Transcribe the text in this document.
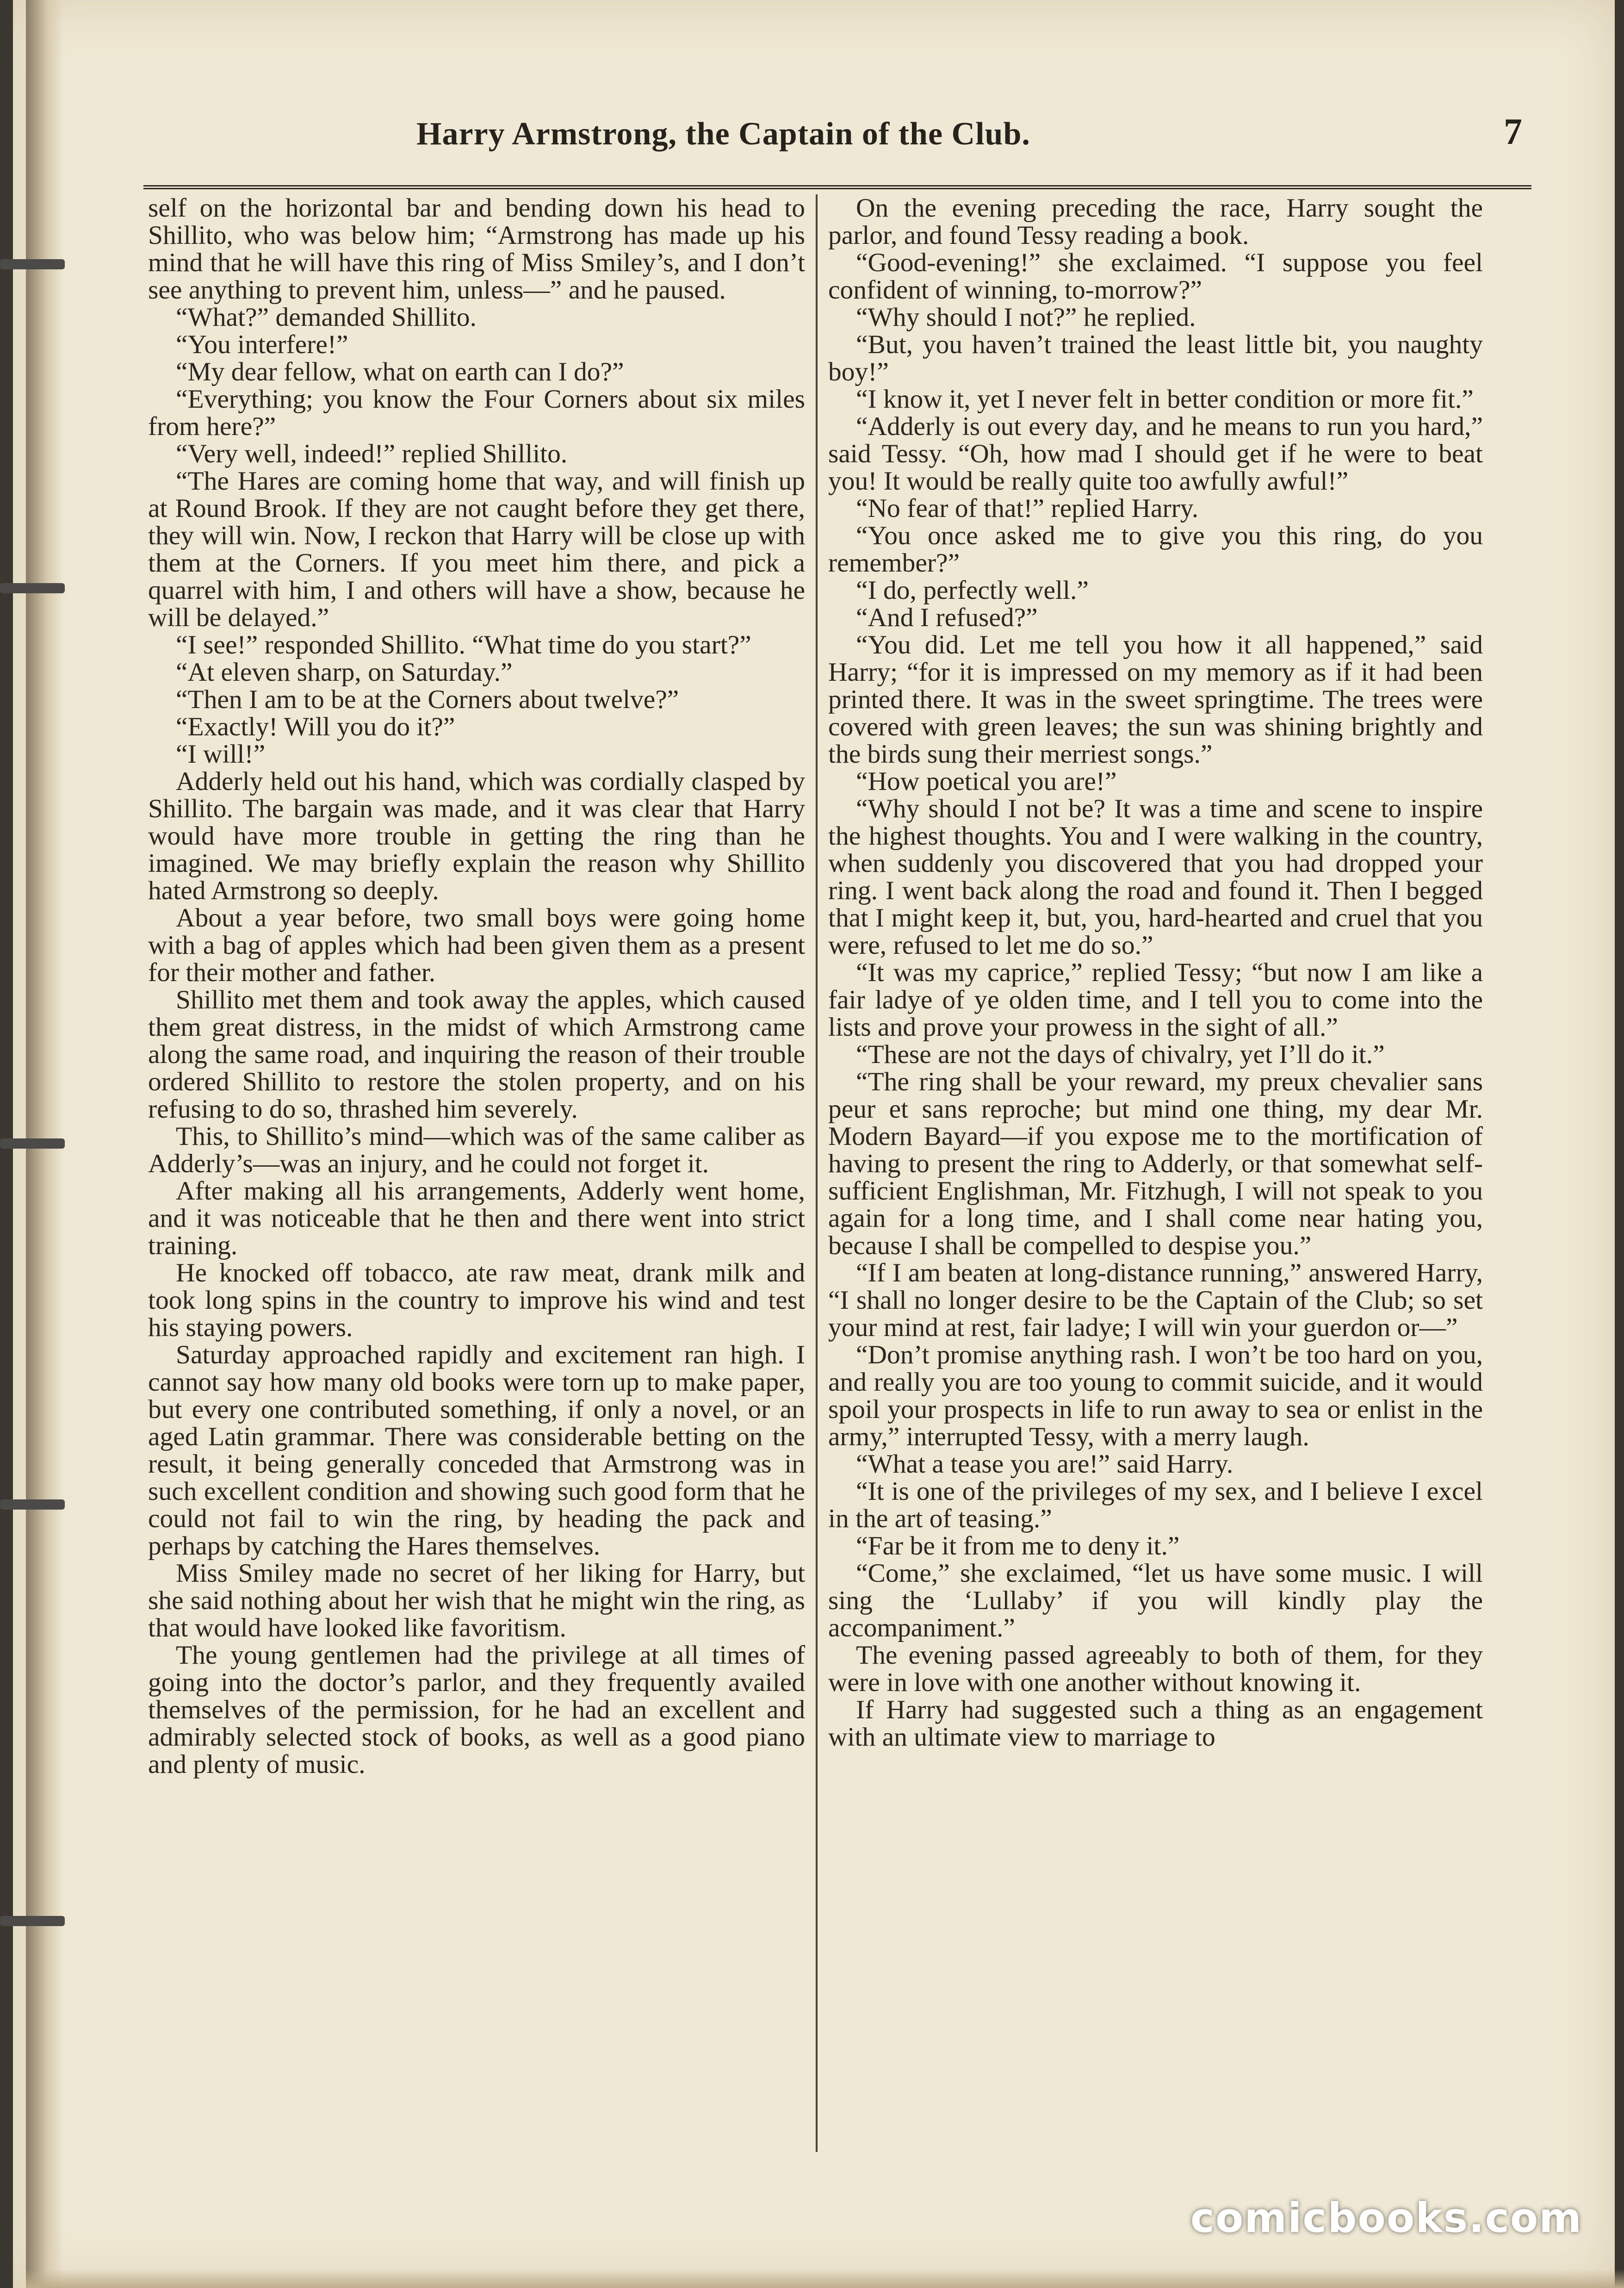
Harry Armstrong, the Captain of the Club.	7

self on the horizontal bar and bending down his head to Shillito, who was below him; “Armstrong has made up his mind that he will have this ring of Miss Smiley’s, and I don’t see anything to prevent him, unless—” and he paused.

“What?” demanded Shillito.

“You interfere!”

“My dear fellow, what on earth can I do?”

“Everything; you know the Four Corners about six miles from here?”

“Very well, indeed!” replied Shillito.

“The Hares are coming home that way, and will finish up at Round Brook. If they are not caught before they get there, they will win. Now, I reckon that Harry will be close up with them at the Corners. If you meet him there, and pick a quarrel with him, I and others will have a show, because he will be delayed.”

“I see!” responded Shillito. “What time do you start?”

“At eleven sharp, on Saturday.”

“Then I am to be at the Corners about twelve?”

“Exactly! Will you do it?”

“I will!”

Adderly held out his hand, which was cordially clasped by Shillito. The bargain was made, and it was clear that Harry would have more trouble in getting the ring than he imagined. We may briefly explain the reason why Shillito hated Armstrong so deeply.

About a year before, two small boys were going home with a bag of apples which had been given them as a present for their mother and father.

Shillito met them and took away the apples, which caused them great distress, in the midst of which Armstrong came along the same road, and inquiring the reason of their trouble ordered Shillito to restore the stolen property, and on his refusing to do so, thrashed him severely.

This, to Shillito’s mind—which was of the same caliber as Adderly’s—was an injury, and he could not forget it.

After making all his arrangements, Adderly went home, and it was noticeable that he then and there went into strict training.

He knocked off tobacco, ate raw meat, drank milk and took long spins in the country to improve his wind and test his staying powers.

Saturday approached rapidly and excitement ran high. I cannot say how many old books were torn up to make paper, but every one contributed something, if only a novel, or an aged Latin grammar. There was considerable betting on the result, it being generally conceded that Armstrong was in such excellent condition and showing such good form that he could not fail to win the ring, by heading the pack and perhaps by catching the Hares themselves.

Miss Smiley made no secret of her liking for Harry, but she said nothing about her wish that he might win the ring, as that would have looked like favoritism.

The young gentlemen had the privilege at all times of going into the doctor’s parlor, and they frequently availed themselves of the permission, for he had an excellent and admirably selected stock of books, as well as a good piano and plenty of music.

On the evening preceding the race, Harry sought the parlor, and found Tessy reading a book.

“Good-evening!” she exclaimed. “I suppose you feel confident of winning, to-morrow?”

“Why should I not?” he replied.

“But, you haven’t trained the least little bit, you naughty boy!”

“I know it, yet I never felt in better condition or more fit.”

“Adderly is out every day, and he means to run you hard,” said Tessy. “Oh, how mad I should get if he were to beat you! It would be really quite too awfully awful!”

“No fear of that!” replied Harry.

“You once asked me to give you this ring, do you remember?”

“I do, perfectly well.”

“And I refused?”

“You did. Let me tell you how it all happened,” said Harry; “for it is impressed on my memory as if it had been printed there. It was in the sweet springtime. The trees were covered with green leaves; the sun was shining brightly and the birds sung their merriest songs.”

“How poetical you are!”

“Why should I not be? It was a time and scene to inspire the highest thoughts. You and I were walking in the country, when suddenly you discovered that you had dropped your ring. I went back along the road and found it. Then I begged that I might keep it, but, you, hard-hearted and cruel that you were, refused to let me do so.”

“It was my caprice,” replied Tessy; “but now I am like a fair ladye of ye olden time, and I tell you to come into the lists and prove your prowess in the sight of all.”

“These are not the days of chivalry, yet I’ll do it.”

“The ring shall be your reward, my preux chevalier sans peur et sans reproche; but mind one thing, my dear Mr. Modern Bayard—if you expose me to the mortification of having to present the ring to Adderly, or that somewhat self-sufficient Englishman, Mr. Fitzhugh, I will not speak to you again for a long time, and I shall come near hating you, because I shall be compelled to despise you.”

“If I am beaten at long-distance running,” answered Harry, “I shall no longer desire to be the Captain of the Club; so set your mind at rest, fair ladye; I will win your guerdon or—”

“Don’t promise anything rash. I won’t be too hard on you, and really you are too young to commit suicide, and it would spoil your prospects in life to run away to sea or enlist in the army,” interrupted Tessy, with a merry laugh.

“What a tease you are!” said Harry.

“It is one of the privileges of my sex, and I believe I excel in the art of teasing.”

“Far be it from me to deny it.”

“Come,” she exclaimed, “let us have some music. I will sing the ‘Lullaby’ if you will kindly play the accompaniment.”

The evening passed agreeably to both of them, for they were in love with one another without knowing it.

If Harry had suggested such a thing as an engagement with an ultimate view to marriage to

comicbooks.com
